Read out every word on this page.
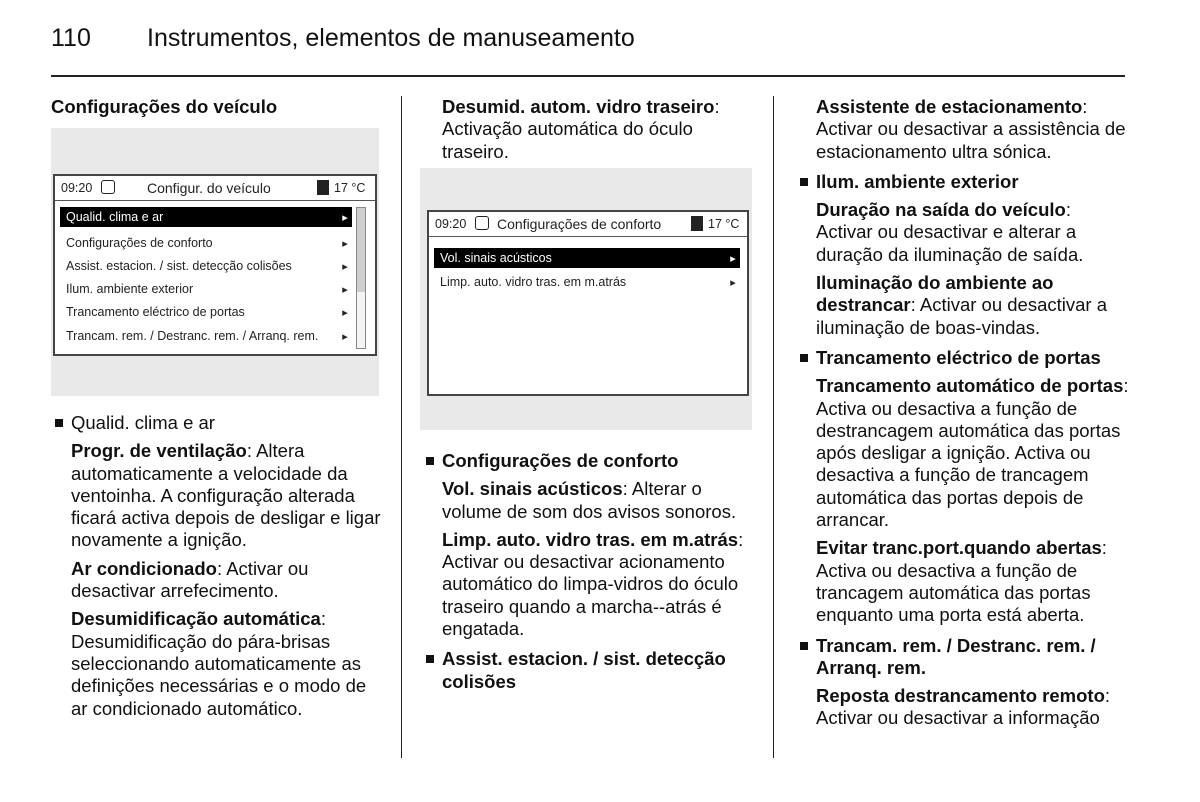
110 Instrumentos, elementos de manuseamento

Configurações do veículo

09:20	Configur. do veículo	17 °C
Qualid. clima e ar	▸
Configurações de conforto	▸
Assist. estacion. / sist. detecção colisões	▸
Ilum. ambiente exterior	▸
Trancamento eléctrico de portas	▸
Trancam. rem. / Destranc. rem. / Arranq. rem.	▸
Qualid. clima e ar

Progr. de ventilação: Altera automaticamente a velocidade da ventoinha. A configuração alterada ficará activa depois de desligar e ligar novamente a ignição.

Ar condicionado: Activar ou desactivar arrefecimento.

Desumidificação automática: Desumidificação do pára-brisas seleccionando automaticamente as definições necessárias e o modo de ar condicionado automático.

Desumid. autom. vidro traseiro: Activação automática do óculo traseiro.

09:20 Configurações de conforto	17 °C
Vol. sinais acústicos	▸
Limp. auto. vidro tras. em m.atrás	▸
Configurações de conforto

Vol. sinais acústicos: Alterar o volume de som dos avisos sonoros.

Limp. auto. vidro tras. em m.atrás: Activar ou desactivar acionamento automático do limpa-vidros do óculo traseiro quando a marcha--atrás é engatada.

Assist. estacion. / sist. detecção colisões

Assistente de estacionamento: Activar ou desactivar a assistência de estacionamento ultra sónica.

Ilum. ambiente exterior

Duração na saída do veículo: Activar ou desactivar e alterar a duração da iluminação de saída.

Iluminação do ambiente ao destrancar: Activar ou desactivar a iluminação de boas-vindas.

Trancamento eléctrico de portas

Trancamento automático de portas: Activa ou desactiva a função de destrancagem automática das portas após desligar a ignição. Activa ou desactiva a função de trancagem automática das portas depois de arrancar.

Evitar tranc.port.quando abertas: Activa ou desactiva a função de trancagem automática das portas enquanto uma porta está aberta.

Trancam. rem. / Destranc. rem. / Arranq. rem.

Reposta destrancamento remoto: Activar ou desactivar a informação
